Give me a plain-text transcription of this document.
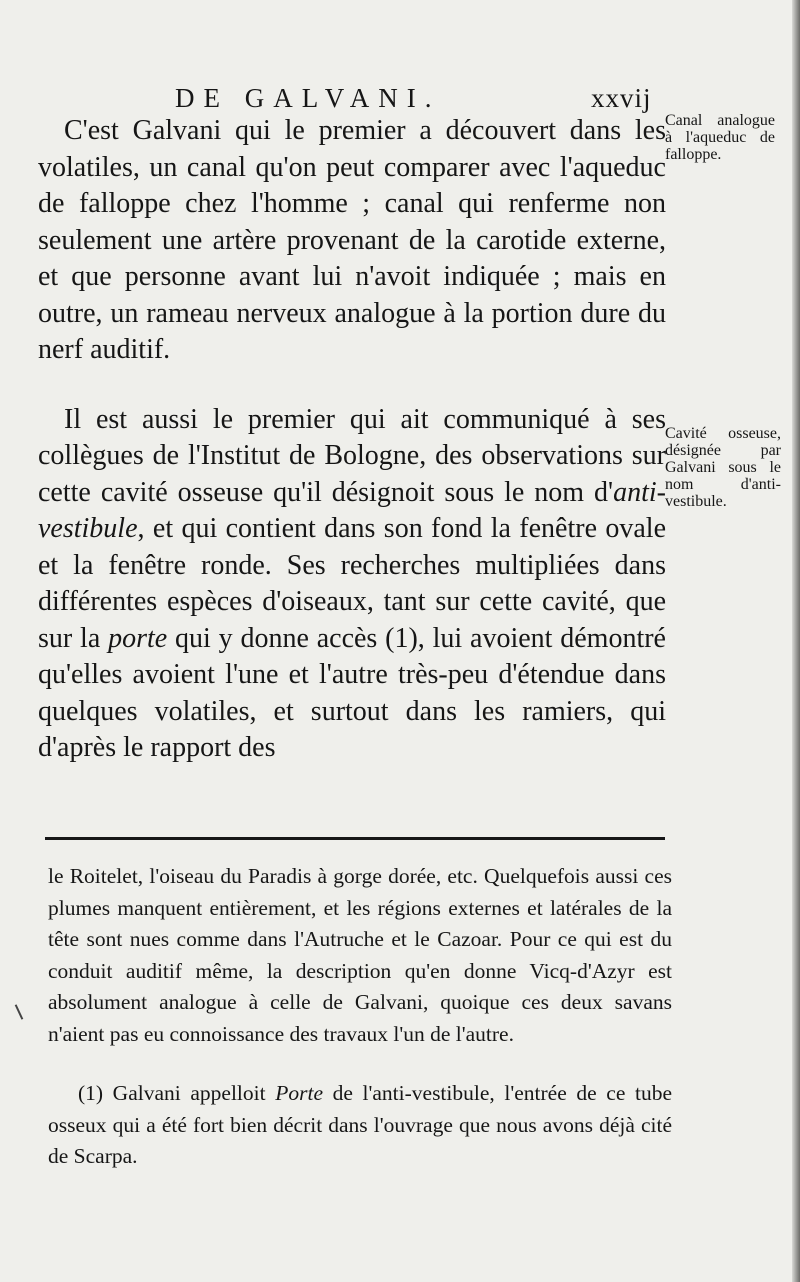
DE GALVANI.	xxvij

C'est Galvani qui le premier a découvert dans les volatiles, un canal qu'on peut comparer avec l'aqueduc de falloppe chez l'homme ; canal qui renferme non seulement une artère provenant de la carotide externe, et que personne avant lui n'avoit indiquée ; mais en outre, un rameau nerveux analogue à la portion dure du nerf auditif.

Il est aussi le premier qui ait communiqué à ses collègues de l'Institut de Bologne, des observations sur cette cavité osseuse qu'il désignoit sous le nom d'anti-vestibule, et qui contient dans son fond la fenêtre ovale et la fenêtre ronde. Ses recherches multipliées dans différentes espèces d'oiseaux, tant sur cette cavité, que sur la porte qui y donne accès (1), lui avoient démontré qu'elles avoient l'une et l'autre très-peu d'étendue dans quelques volatiles, et surtout dans les ramiers, qui d'après le rapport des

Canal analogue à l'aqueduc de falloppe.
Cavité osseuse, désignée par Galvani sous le nom d'anti-vestibule.

le Roitelet, l'oiseau du Paradis à gorge dorée, etc. Quelquefois aussi ces plumes manquent entièrement, et les régions externes et latérales de la tête sont nues comme dans l'Autruche et le Cazoar. Pour ce qui est du conduit auditif même, la description qu'en donne Vicq-d'Azyr est absolument analogue à celle de Galvani, quoique ces deux savans n'aient pas eu connoissance des travaux l'un de l'autre.

(1) Galvani appelloit Porte de l'anti-vestibule, l'entrée de ce tube osseux qui a été fort bien décrit dans l'ouvrage que nous avons déjà cité de Scarpa.
